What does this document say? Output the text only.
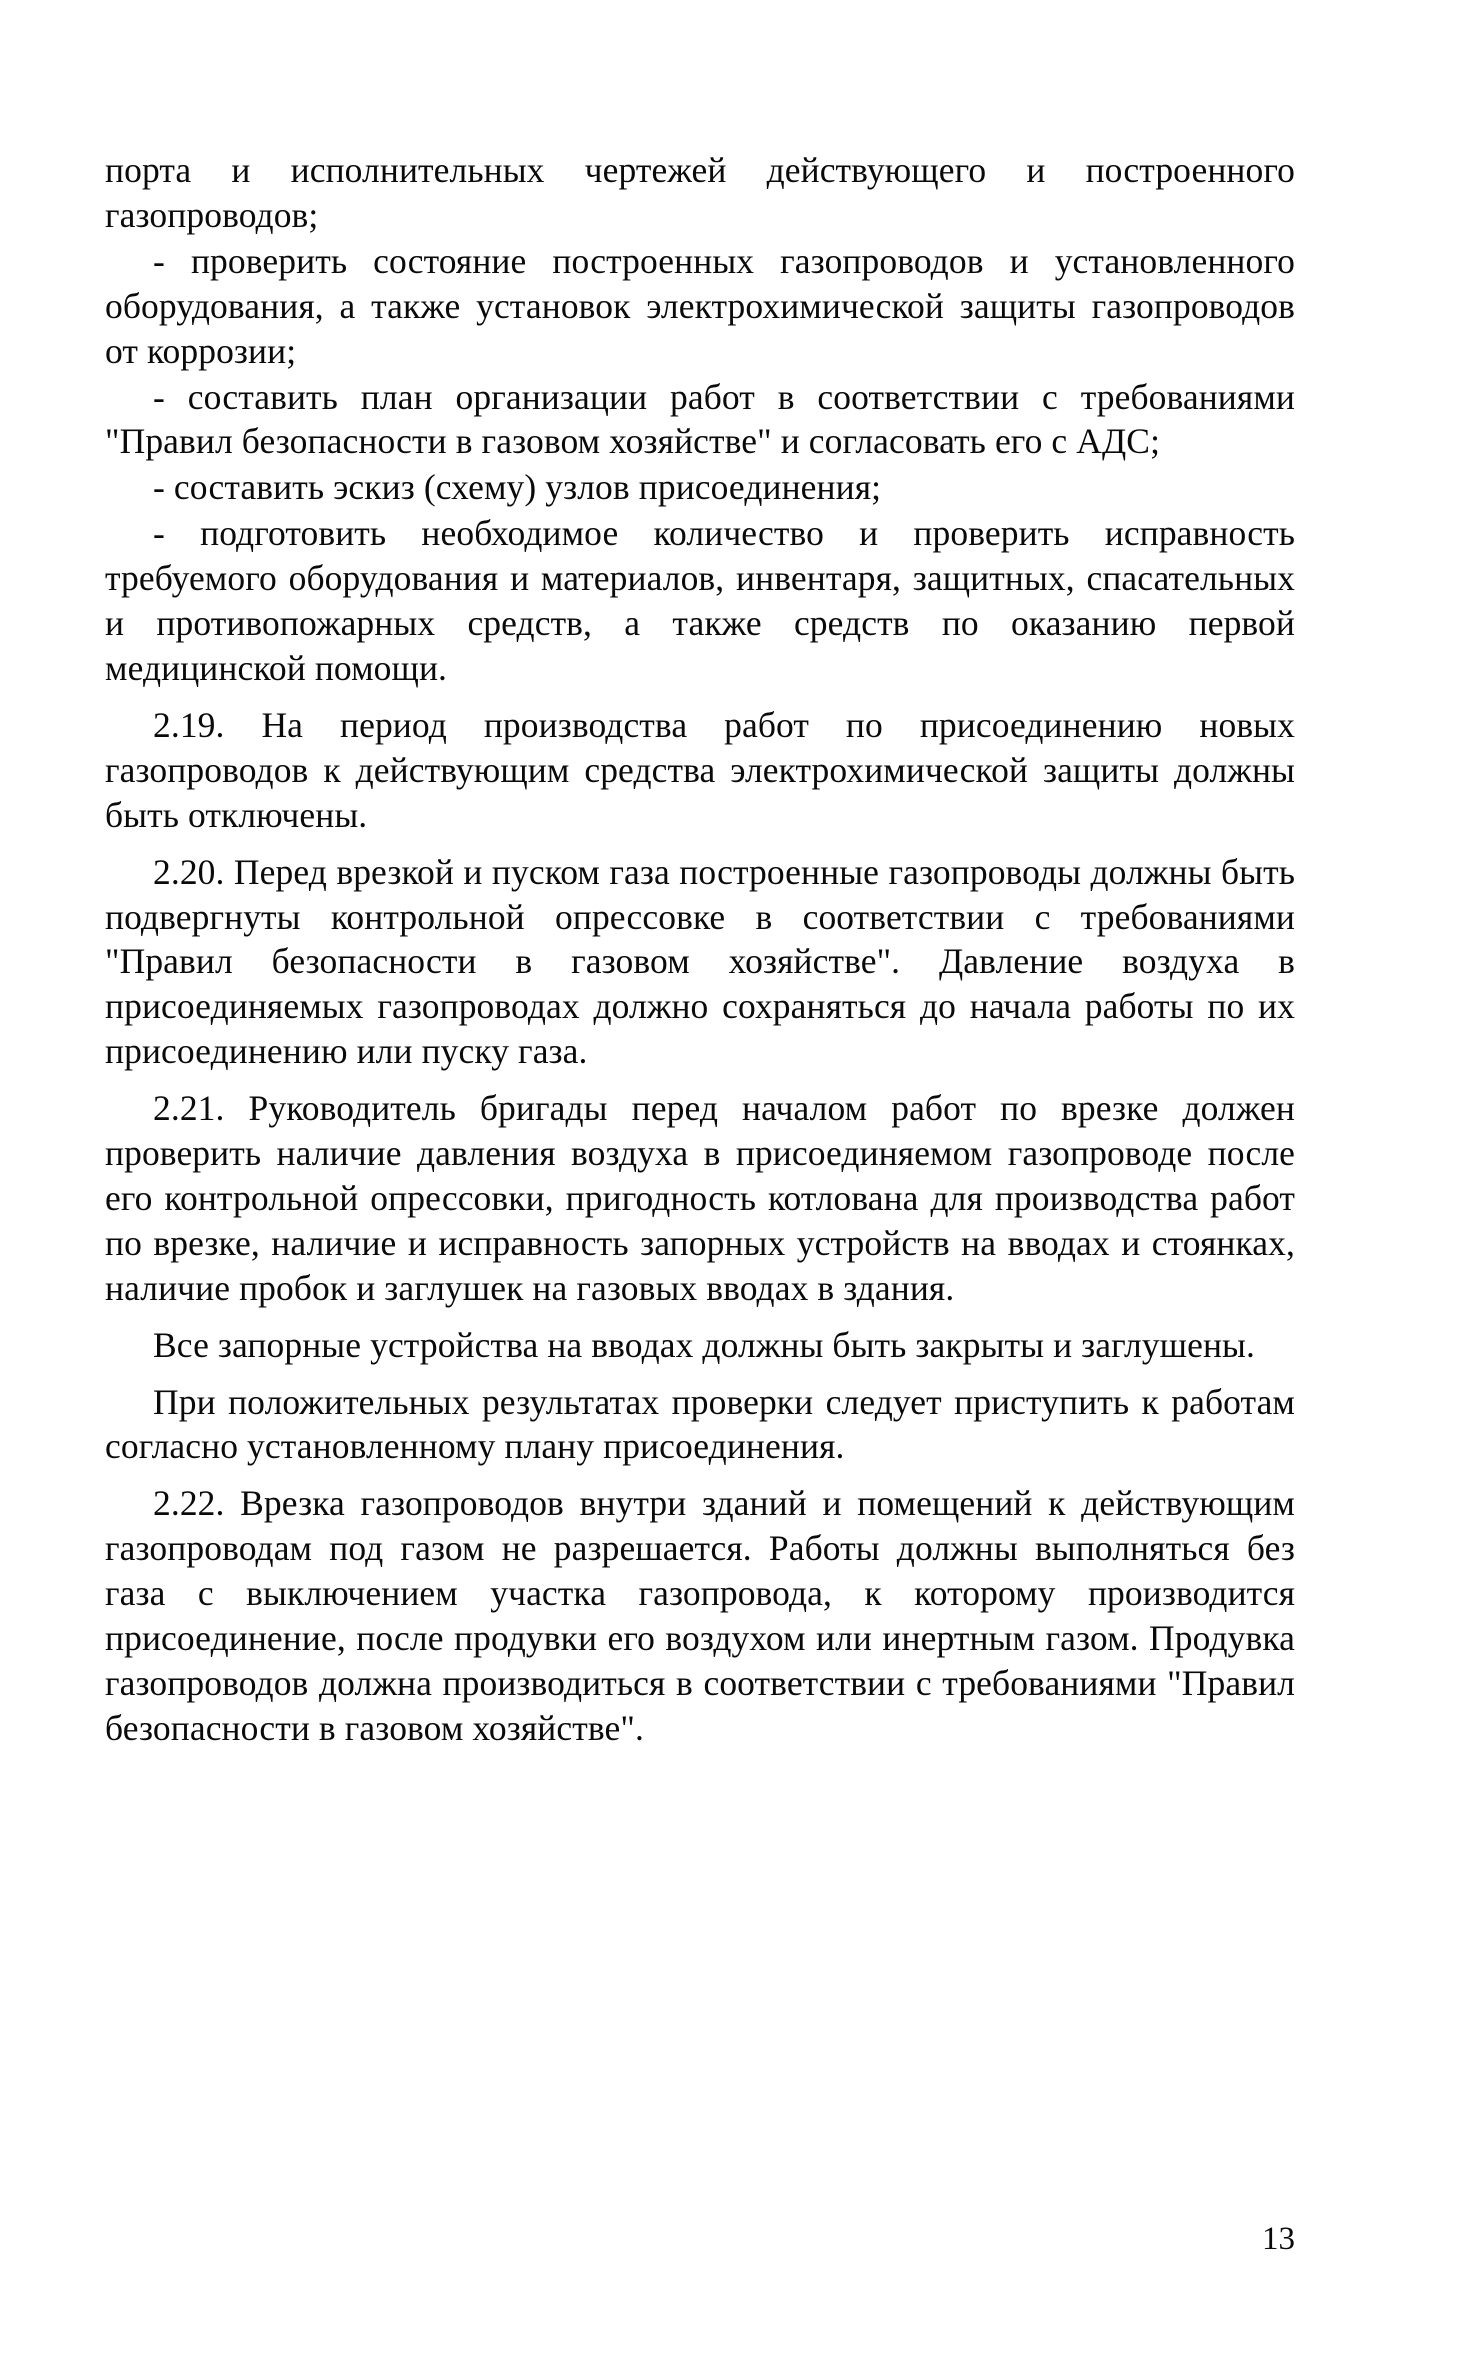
порта и исполнительных чертежей действующего и построенного газопроводов;

- проверить состояние построенных газопроводов и установленного оборудования, а также установок электрохимической защиты газопроводов от коррозии;

- составить план организации работ в соответствии с требованиями "Правил безопасности в газовом хозяйстве" и согласовать его с АДС;

- составить эскиз (схему) узлов присоединения;

- подготовить необходимое количество и проверить исправность требуемого оборудования и материалов, инвентаря, защитных, спасательных и противопожарных средств, а также средств по оказанию первой медицинской помощи.

2.19. На период производства работ по присоединению новых газопроводов к действующим средства электрохимической защиты должны быть отключены.

2.20. Перед врезкой и пуском газа построенные газопроводы должны быть подвергнуты контрольной опрессовке в соответствии с требованиями "Правил безопасности в газовом хозяйстве". Давление воздуха в присоединяемых газопроводах должно сохраняться до начала работы по их присоединению или пуску газа.

2.21. Руководитель бригады перед началом работ по врезке должен проверить наличие давления воздуха в присоединяемом газопроводе после его контрольной опрессовки, пригодность котлована для производства работ по врезке, наличие и исправность запорных устройств на вводах и стоянках, наличие пробок и заглушек на газовых вводах в здания.

Все запорные устройства на вводах должны быть закрыты и заглушены.

При положительных результатах проверки следует приступить к работам согласно установленному плану присоединения.

2.22. Врезка газопроводов внутри зданий и помещений к действующим газопроводам под газом не разрешается. Работы должны выполняться без газа с выключением участка газопровода, к которому производится присоединение, после продувки его воздухом или инертным газом. Продувка газопроводов должна производиться в соответствии с требованиями "Правил безопасности в газовом хозяйстве".

13
